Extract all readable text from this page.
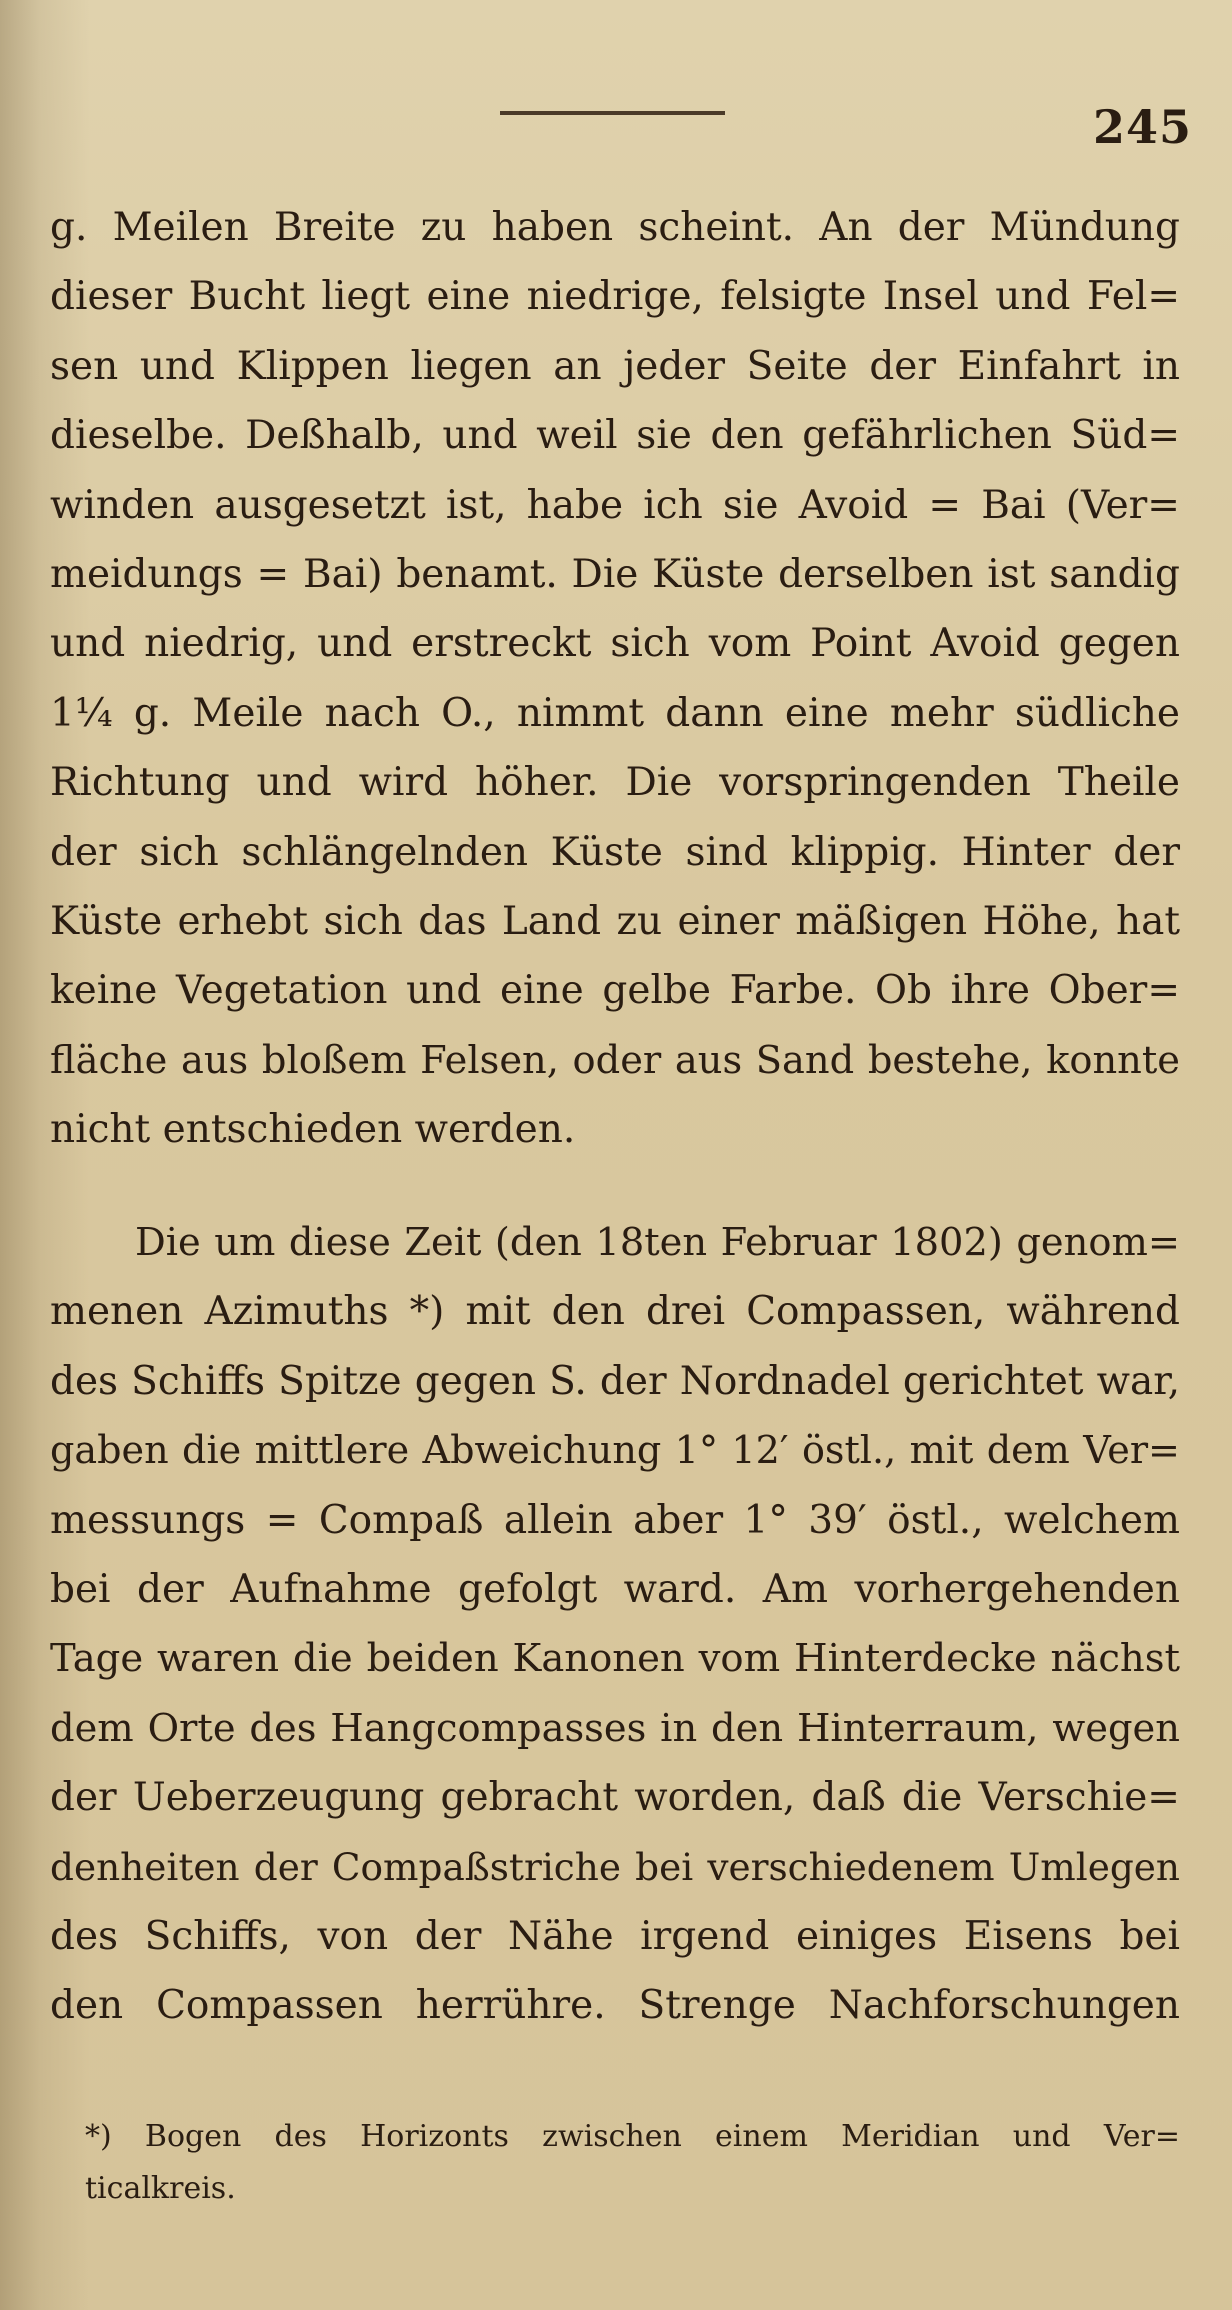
245
g. Meilen Breite zu haben scheint. An der Mündung
dieser Bucht liegt eine niedrige, felsigte Insel und Fel=
sen und Klippen liegen an jeder Seite der Einfahrt in
dieselbe. Deßhalb, und weil sie den gefährlichen Süd=
winden ausgesetzt ist, habe ich sie Avoid = Bai (Ver=
meidungs = Bai) benamt. Die Küste derselben ist sandig
und niedrig, und erstreckt sich vom Point Avoid gegen
1¼ g. Meile nach O., nimmt dann eine mehr südliche
Richtung und wird höher. Die vorspringenden Theile
der sich schlängelnden Küste sind klippig. Hinter der
Küste erhebt sich das Land zu einer mäßigen Höhe, hat
keine Vegetation und eine gelbe Farbe. Ob ihre Ober=
fläche aus bloßem Felsen, oder aus Sand bestehe, konnte
nicht entschieden werden.
Die um diese Zeit (den 18ten Februar 1802) genom=
menen Azimuths *) mit den drei Compassen, während
des Schiffs Spitze gegen S. der Nordnadel gerichtet war,
gaben die mittlere Abweichung 1° 12′ östl., mit dem Ver=
messungs = Compaß allein aber 1° 39′ östl., welchem
bei der Aufnahme gefolgt ward. Am vorhergehenden
Tage waren die beiden Kanonen vom Hinterdecke nächst
dem Orte des Hangcompasses in den Hinterraum, wegen
der Ueberzeugung gebracht worden, daß die Verschie=
denheiten der Compaßstriche bei verschiedenem Umlegen
des Schiffs, von der Nähe irgend einiges Eisens bei
den Compassen herrühre. Strenge Nachforschungen
*) Bogen des Horizonts zwischen einem Meridian und Ver=
ticalkreis.
